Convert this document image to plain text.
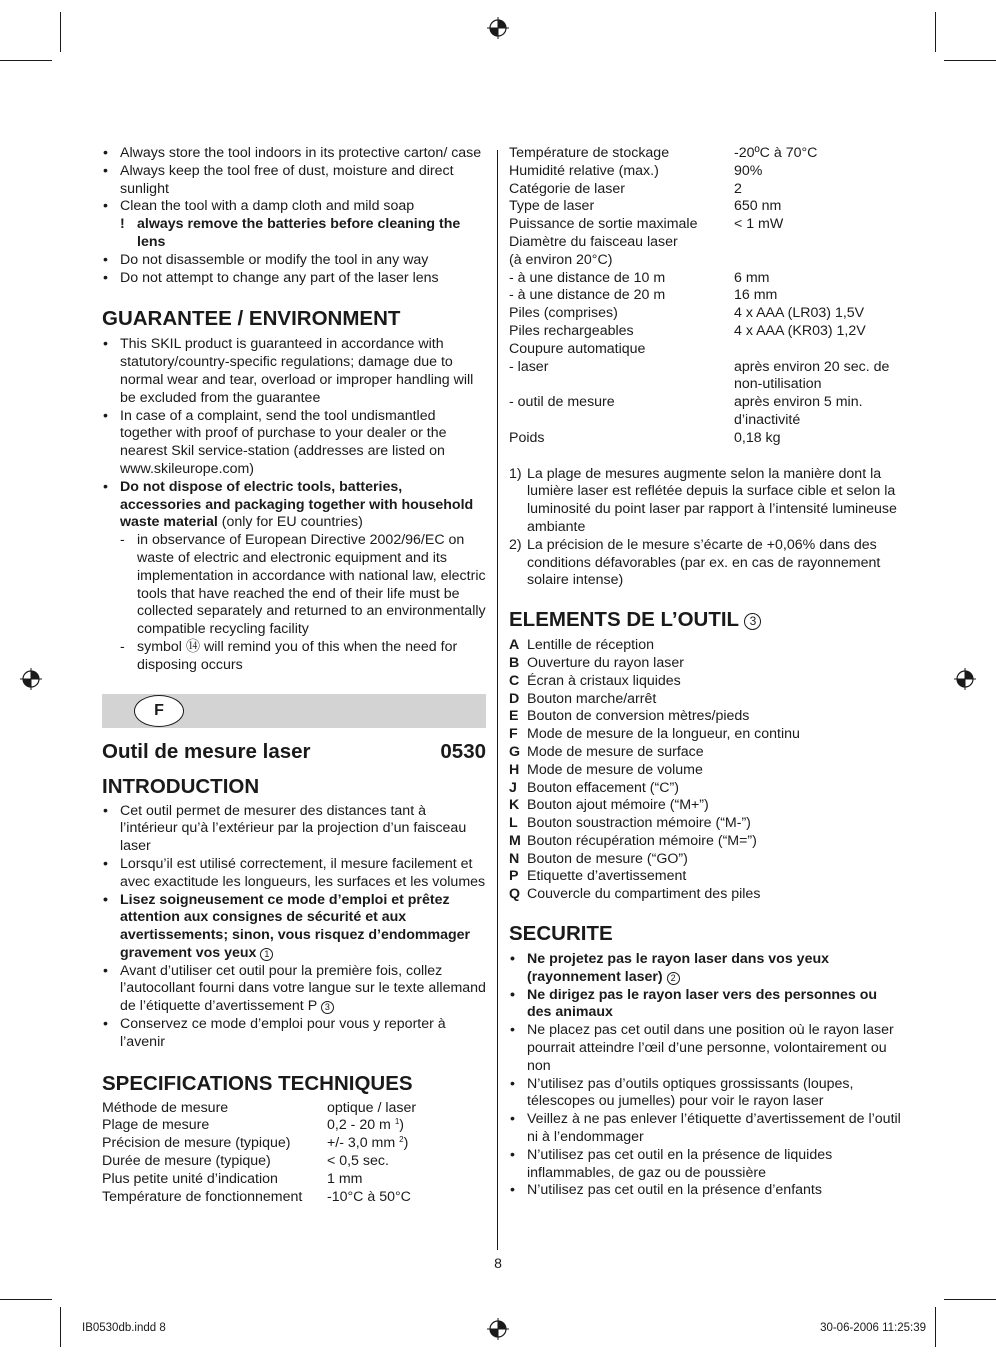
• Always store the tool indoors in its protective carton/ case
• Always keep the tool free of dust, moisture and direct sunlight
• Clean the tool with a damp cloth and mild soap
! always remove the batteries before cleaning the lens
• Do not disassemble or modify the tool in any way
• Do not attempt to change any part of the laser lens
GUARANTEE / ENVIRONMENT
• This SKIL product is guaranteed in accordance with statutory/country-specific regulations; damage due to normal wear and tear, overload or improper handling will be excluded from the guarantee
• In case of a complaint, send the tool undismantled together with proof of purchase to your dealer or the nearest Skil service-station (addresses are listed on www.skileurope.com)
• Do not dispose of electric tools, batteries, accessories and packaging together with household waste material (only for EU countries)
- in observance of European Directive 2002/96/EC on waste of electric and electronic equipment and its implementation in accordance with national law, electric tools that have reached the end of their life must be collected separately and returned to an environmentally compatible recycling facility
- symbol ⑭ will remind you of this when the need for disposing occurs
F
Outil de mesure laser	0530
INTRODUCTION
• Cet outil permet de mesurer des distances tant à l’intérieur qu’à l’extérieur par la projection d’un faisceau laser
• Lorsqu’il est utilisé correctement, il mesure facilement et avec exactitude les longueurs, les surfaces et les volumes
• Lisez soigneusement ce mode d’emploi et prêtez attention aux consignes de sécurité et aux avertissements; sinon, vous risquez d’endommager gravement vos yeux 1
• Avant d’utiliser cet outil pour la première fois, collez l’autocollant fourni dans votre langue sur le texte allemand de l’étiquette d’avertissement P 3
• Conservez ce mode d’emploi pour vous y reporter à l’avenir
SPECIFICATIONS TECHNIQUES
Méthode de mesure	optique / laser
Plage de mesure	0,2 - 20 m $^1$)
Précision de mesure (typique)	+/- 3,0 mm $^2$)
Durée de mesure (typique)	< 0,5 sec.
Plus petite unité d’indication	1 mm
Température de fonctionnement	-10°C à 50°C
Température de stockage	-20ºC à 70°C
Humidité relative (max.)	90%
Catégorie de laser	2
Type de laser	650 nm
Puissance de sortie maximale	< 1 mW
Diamètre du faisceau laser
(à environ 20°C)
- à une distance de 10 m	6 mm
- à une distance de 20 m	16 mm
Piles (comprises)	4 x AAA (LR03) 1,5V
Piles rechargeables	4 x AAA (KR03) 1,2V
Coupure automatique
- laser	après environ 20 sec. de non-utilisation
- outil de mesure	après environ 5 min. d’inactivité
Poids	0,18 kg
1) La plage de mesures augmente selon la manière dont la lumière laser est reflétée depuis la surface cible et selon la luminosité du point laser par rapport à l’intensité lumineuse ambiante
2) La précision de le mesure s’écarte de +0,06% dans des conditions défavorables (par ex. en cas de rayonnement solaire intense)
ELEMENTS DE L’OUTIL 3
A Lentille de réception
B Ouverture du rayon laser
C Écran à cristaux liquides
D Bouton marche/arrêt
E Bouton de conversion mètres/pieds
F Mode de mesure de la longueur, en continu
G Mode de mesure de surface
H Mode de mesure de volume
J Bouton effacement (“C”)
K Bouton ajout mémoire (“M+”)
L Bouton soustraction mémoire (“M-”)
M Bouton récupération mémoire (“M=”)
N Bouton de mesure (“GO”)
P Etiquette d’avertissement
Q Couvercle du compartiment des piles
SECURITE
• Ne projetez pas le rayon laser dans vos yeux (rayonnement laser) 2
• Ne dirigez pas le rayon laser vers des personnes ou des animaux
• Ne placez pas cet outil dans une position où le rayon laser pourrait atteindre l’œil d’une personne, volontairement ou non
• N’utilisez pas d’outils optiques grossissants (loupes, télescopes ou jumelles) pour voir le rayon laser
• Veillez à ne pas enlever l’étiquette d’avertissement de l’outil ni à l’endommager
• N’utilisez pas cet outil en la présence de liquides inflammables, de gaz ou de poussière
• N’utilisez pas cet outil en la présence d’enfants
8
IB0530db.indd 8	30-06-2006 11:25:39
